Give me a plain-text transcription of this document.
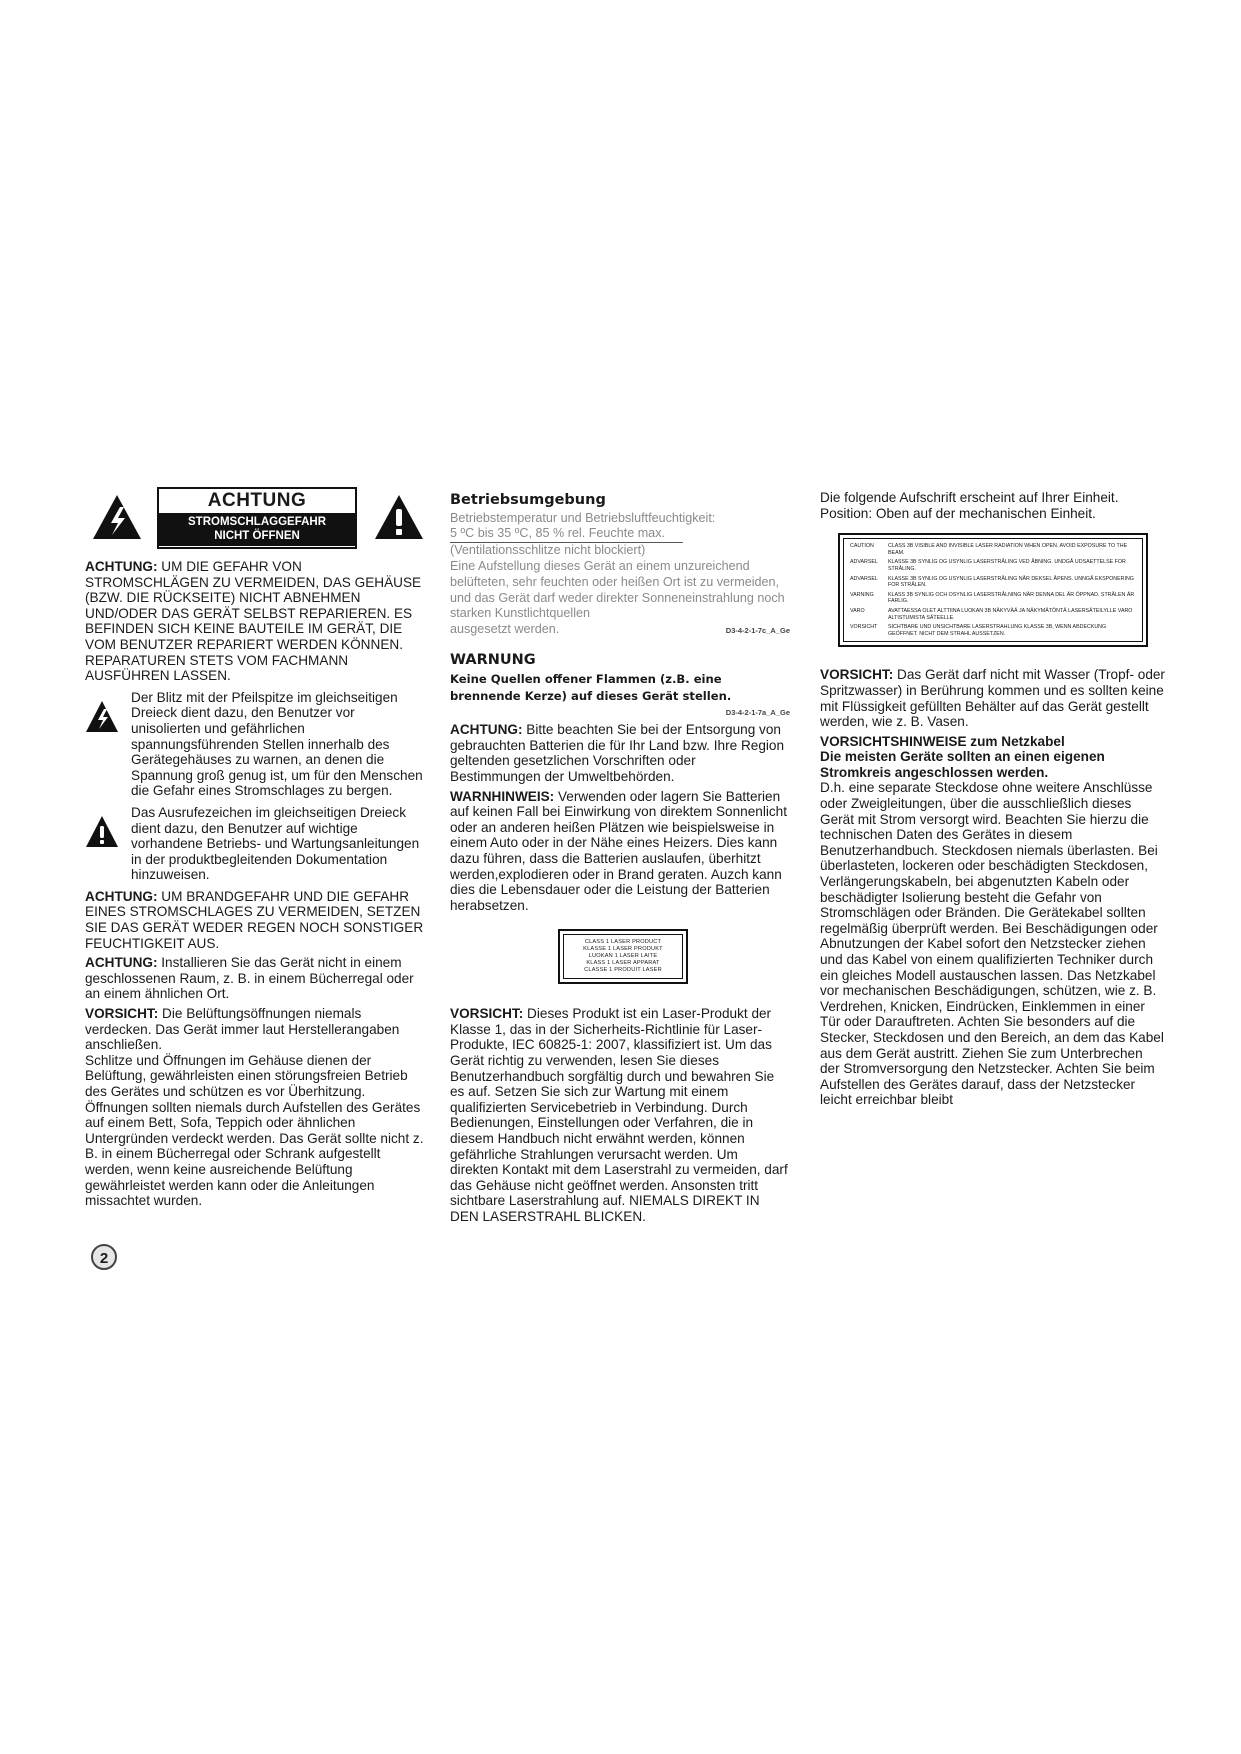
ACHTUNG
STROMSCHLAGGEFAHR
NICHT ÖFFNEN

ACHTUNG: UM DIE GEFAHR VON STROMSCHLÄGEN ZU VERMEIDEN, DAS GEHÄUSE (BZW. DIE RÜCKSEITE) NICHT ABNEHMEN UND/ODER DAS GERÄT SELBST REPARIEREN. ES BEFINDEN SICH KEINE BAUTEILE IM GERÄT, DIE VOM BENUTZER REPARIERT WERDEN KÖNNEN. REPARATUREN STETS VOM FACHMANN AUSFÜHREN LASSEN.

Der Blitz mit der Pfeilspitze im gleichseitigen Dreieck dient dazu, den Benutzer vor unisolierten und gefährlichen spannungsführenden Stellen innerhalb des Gerätegehäuses zu warnen, an denen die Spannung groß genug ist, um für den Menschen die Gefahr eines Stromschlages zu bergen.
Das Ausrufezeichen im gleichseitigen Dreieck dient dazu, den Benutzer auf wichtige vorhandene Betriebs- und Wartungsanleitungen in der produktbegleitenden Dokumentation hinzuweisen.

ACHTUNG: UM BRANDGEFAHR UND DIE GEFAHR EINES STROMSCHLAGES ZU VERMEIDEN, SETZEN SIE DAS GERÄT WEDER REGEN NOCH SONSTIGER FEUCHTIGKEIT AUS.

ACHTUNG: Installieren Sie das Gerät nicht in einem geschlossenen Raum, z. B. in einem Bücherregal oder an einem ähnlichen Ort.

VORSICHT: Die Belüftungsöffnungen niemals verdecken. Das Gerät immer laut Herstellerangaben anschließen.

Schlitze und Öffnungen im Gehäuse dienen der Belüftung, gewährleisten einen störungsfreien Betrieb des Gerätes und schützen es vor Überhitzung. Öffnungen sollten niemals durch Aufstellen des Gerätes auf einem Bett, Sofa, Teppich oder ähnlichen Untergründen verdeckt werden. Das Gerät sollte nicht z. B. in einem Bücherregal oder Schrank aufgestellt werden, wenn keine ausreichende Belüftung gewährleistet werden kann oder die Anleitungen missachtet wurden.

Betriebsumgebung
Betriebstemperatur und Betriebsluftfeuchtigkeit:
5 ºC bis 35 ºC, 85 % rel. Feuchte max.
(Ventilationsschlitze nicht blockiert)
Eine Aufstellung dieses Gerät an einem unzureichend belüfteten, sehr feuchten oder heißen Ort ist zu vermeiden, und das Gerät darf weder direkter Sonneneinstrahlung noch starken Kunstlichtquellen
ausgesetzt werden.	D3-4-2-1-7c_A_Ge
WARNUNG
Keine Quellen offener Flammen (z.B. eine brennende Kerze) auf dieses Gerät stellen.
D3-4-2-1-7a_A_Ge

ACHTUNG: Bitte beachten Sie bei der Entsorgung von gebrauchten Batterien die für Ihr Land bzw. Ihre Region geltenden gesetzlichen Vorschriften oder Bestimmungen der Umweltbehörden.

WARNHINWEIS: Verwenden oder lagern Sie Batterien auf keinen Fall bei Einwirkung von direktem Sonnenlicht oder an anderen heißen Plätzen wie beispielsweise in einem Auto oder in der Nähe eines Heizers. Dies kann dazu führen, dass die Batterien auslaufen, überhitzt werden,explodieren oder in Brand geraten. Auzch kann dies die Lebensdauer oder die Leistung der Batterien herabsetzen.

CLASS 1 LASER PRODUCT
KLASSE 1 LASER PRODUKT
LUOKAN 1 LASER LAITE
KLASS 1 LASER APPARAT
CLASSE 1 PRODUIT LASER

VORSICHT: Dieses Produkt ist ein Laser-Produkt der Klasse 1, das in der Sicherheits-Richtlinie für Laser-Produkte, IEC 60825-1: 2007, klassifiziert ist. Um das Gerät richtig zu verwenden, lesen Sie dieses Benutzerhandbuch sorgfältig durch und bewahren Sie es auf. Setzen Sie sich zur Wartung mit einem qualifizierten Servicebetrieb in Verbindung. Durch Bedienungen, Einstellungen oder Verfahren, die in diesem Handbuch nicht erwähnt werden, können gefährliche Strahlungen verursacht werden. Um direkten Kontakt mit dem Laserstrahl zu vermeiden, darf das Gehäuse nicht geöffnet werden. Ansonsten tritt sichtbare Laserstrahlung auf. NIEMALS DIREKT IN DEN LASERSTRAHL BLICKEN.

Die folgende Aufschrift erscheint auf Ihrer Einheit. Position: Oben auf der mechanischen Einheit.

CAUTION	CLASS 3B VISIBLE AND INVISIBLE LASER RADIATION WHEN OPEN. AVOID EXPOSURE TO THE BEAM.
ADVARSEL	KLASSE 3B SYNLIG OG USYNLIG LASERSTRÅLING VED ÅBNING. UNDGÅ UDSAETTELSE FOR STRÅLING.
ADVARSEL	KLASSE 3B SYNLIG OG USYNLIG LASERSTRÅLING NÅR DEKSEL ÅPENS. UNNGÅ EKSPONERING FOR STRÅLEN.
VARNING	KLASS 3B SYNLIG OCH OSYNLIG LASERSTRÅLNING NÄR DENNA DEL ÄR ÖPPNAD. STRÅLEN ÄR FARLIG.
VARO	AVATTAESSA OLET ALTTIINA LUOKAN 3B NÄKYVÄÄ JA NÄKYMÄTÖNTÄ LASERSÄTEILYLLE VARO ALTISTUMISTA SÄTEELLE.
VORSICHT	SICHTBARE UND UNSICHTBARE LASERSTRAHLUNG KLASSE 3B, WENN ABDECKUNG GEÖFFNET. NICHT DEM STRAHL AUSSETZEN.

VORSICHT: Das Gerät darf nicht mit Wasser (Tropf- oder Spritzwasser) in Berührung kommen und es sollten keine mit Flüssigkeit gefüllten Behälter auf das Gerät gestellt werden, wie z. B. Vasen.

VORSICHTSHINWEISE zum Netzkabel

Die meisten Geräte sollten an einen eigenen Stromkreis angeschlossen werden.

D.h. eine separate Steckdose ohne weitere Anschlüsse oder Zweigleitungen, über die ausschließlich dieses Gerät mit Strom versorgt wird. Beachten Sie hierzu die technischen Daten des Gerätes in diesem Benutzerhandbuch. Steckdosen niemals überlasten. Bei überlasteten, lockeren oder beschädigten Steckdosen, Verlängerungskabeln, bei abgenutzten Kabeln oder beschädigter Isolierung besteht die Gefahr von Stromschlägen oder Bränden. Die Gerätekabel sollten regelmäßig überprüft werden. Bei Beschädigungen oder Abnutzungen der Kabel sofort den Netzstecker ziehen und das Kabel von einem qualifizierten Techniker durch ein gleiches Modell austauschen lassen. Das Netzkabel vor mechanischen Beschädigungen, schützen, wie z. B. Verdrehen, Knicken, Eindrücken, Einklemmen in einer Tür oder Darauftreten. Achten Sie besonders auf die Stecker, Steckdosen und den Bereich, an dem das Kabel aus dem Gerät austritt. Ziehen Sie zum Unterbrechen der Stromversorgung den Netzstecker. Achten Sie beim Aufstellen des Gerätes darauf, dass der Netzstecker leicht erreichbar bleibt

2
